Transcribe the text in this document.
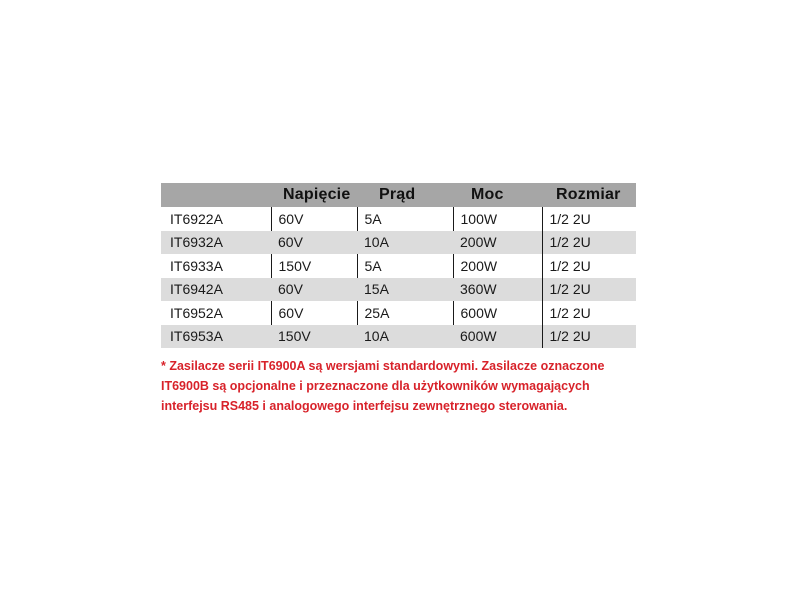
	Napięcie	Prąd	Moc	Rozmiar
IT6922A	60V	5A	100W	1/2 2U
IT6932A	60V	10A	200W	1/2 2U
IT6933A	150V	5A	200W	1/2 2U
IT6942A	60V	15A	360W	1/2 2U
IT6952A	60V	25A	600W	1/2 2U
IT6953A	150V	10A	600W	1/2 2U
* Zasilacze serii IT6900A są wersjami standardowymi. Zasilacze oznaczone
IT6900B są opcjonalne i przeznaczone dla użytkowników wymagających
interfejsu RS485 i analogowego interfejsu zewnętrznego sterowania.
